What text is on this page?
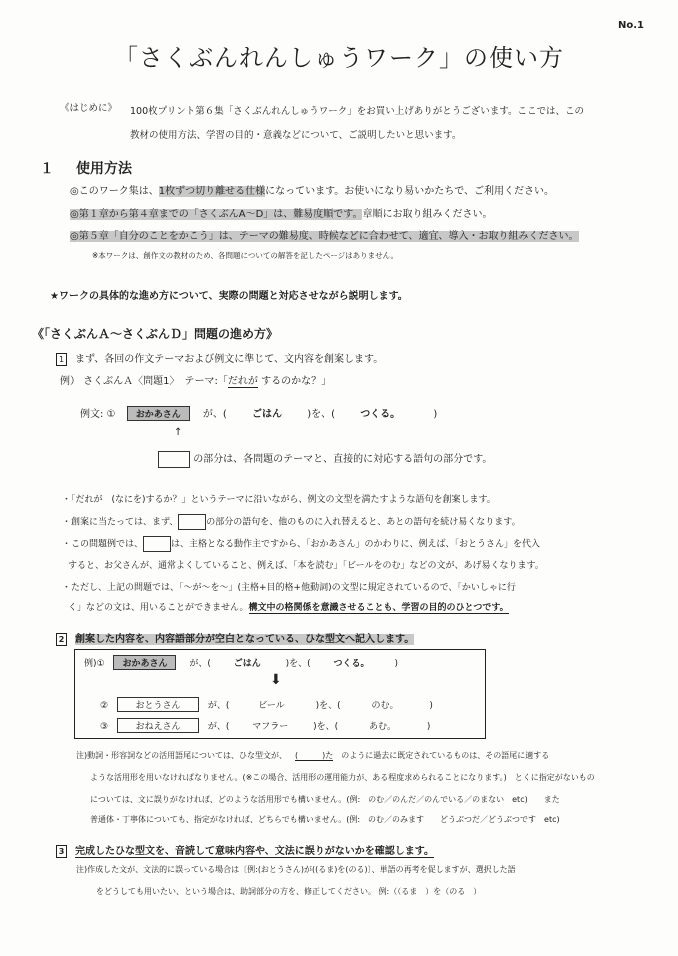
No.1
「さくぶんれんしゅうワーク」の使い方
《はじめに》 100枚プリント第６集「さくぶんれんしゅうワーク」をお買い上げありがとうございます。ここでは、この
教材の使用方法、学習の目的・意義などについて、ご説明したいと思います。
１ 使用方法
◎このワーク集は、1枚ずつ切り離せる仕様になっています。お使いになり易いかたちで、ご利用ください。
◎第１章から第４章までの「さくぶんA～D」は、難易度順です。章順にお取り組みください。
◎第５章「自分のことをかこう」は、テーマの難易度、時候などに合わせて、適宜、導入・お取り組みください。
※本ワークは、創作文の教材のため、各問題についての解答を記したページはありません。
★ワークの具体的な進め方について、実際の問題と対応させながら説明します。
《「さくぶんＡ～さくぶんＤ」問題の進め方》
1 まず、各回の作文テーマおよび例文に準じて、文内容を創案します。
例） さくぶんＡ〈問題1〉　テーマ:「だれが するのかな？」
例文: ① おかあさん が、(	ごはん	)を、(	つくる。	)
↑
の部分は、各問題のテーマと、直接的に対応する語句の部分です。
・「だれが　(なにを)するか？」というテーマに沿いながら、例文の文型を満たすような語句を創案します。
・創案に当たっては、まず、	の部分の語句を、他のものに入れ替えると、あとの語句を続け易くなります。
・この問題例では、	は、主格となる動作主ですから、「おかあさん」のかわりに、例えば、「おとうさん」を代入
すると、お父さんが、通常よくしていること、例えば、「本を読む」「ビールをのむ」などの文が、あげ易くなります。
・ただし、上記の問題では、「～が～を～」(主格+目的格+他動詞)の文型に規定されているので、「かいしゃに行
く」などの文は、用いることができません。構文中の格関係を意識させることも、学習の目的のひとつです。
2 創案した内容を、内容語部分が空白となっている、ひな型文へ記入します。
例)① おかあさん が、(	ごはん	)を、(	つくる。	)
⬇
②	おとうさん	が、(	ビール	)を、(	のむ。	)
③	おねえさん	が、(	マフラー	)を、(	あむ。	)
注)動詞・形容詞などの活用語尾については、ひな型文が、 (　　　)た のように過去に既定されているものは、その語尾に適する
ような活用形を用いなければなりません。(※この場合、活用形の運用能力が、ある程度求められることになります。)　とくに指定がないもの
については、文に誤りがなければ、どのような活用形でも構いません。(例:　のむ／のんだ／のんでいる／のまない　etc)　　また
普通体・丁寧体についても、指定がなければ、どちらでも構いません。(例:　のむ／のみます　　どうぶつだ／どうぶつです　etc)
3 完成したひな型文を、音読して意味内容や、文法に誤りがないかを確認します。
注)作成した文が、文法的に誤っている場合は〔例:(おとうさん)が((るま)を(のる)〕、単語の再考を促しますが、選択した語
をどうしても用いたい、という場合は、助詞部分の方を、修正してください。 例:（（るま　）を（のる　）
